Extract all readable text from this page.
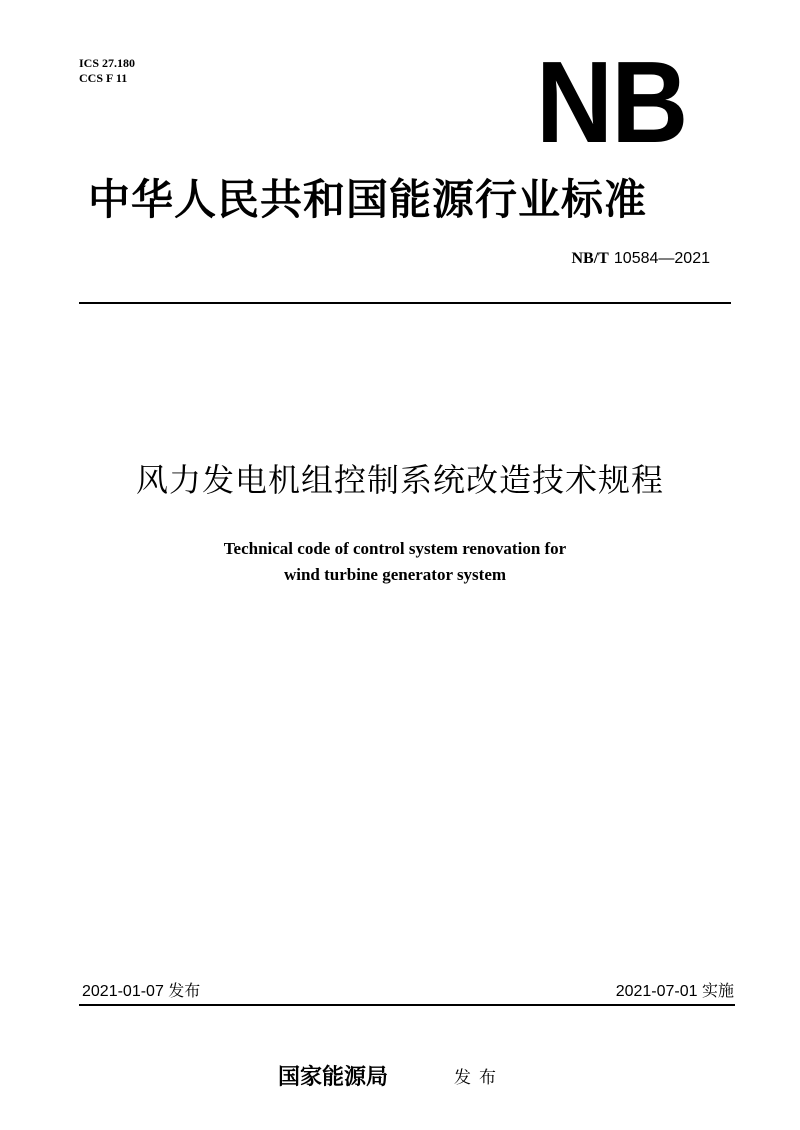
ICS 27.180
CCS F 11	NB
中华人民共和国能源行业标准
NB/T 10584—2021
风力发电机组控制系统改造技术规程
Technical code of control system renovation for
wind turbine generator system
2021-01-07 发布	2021-07-01 实施
国家能源局	发布
